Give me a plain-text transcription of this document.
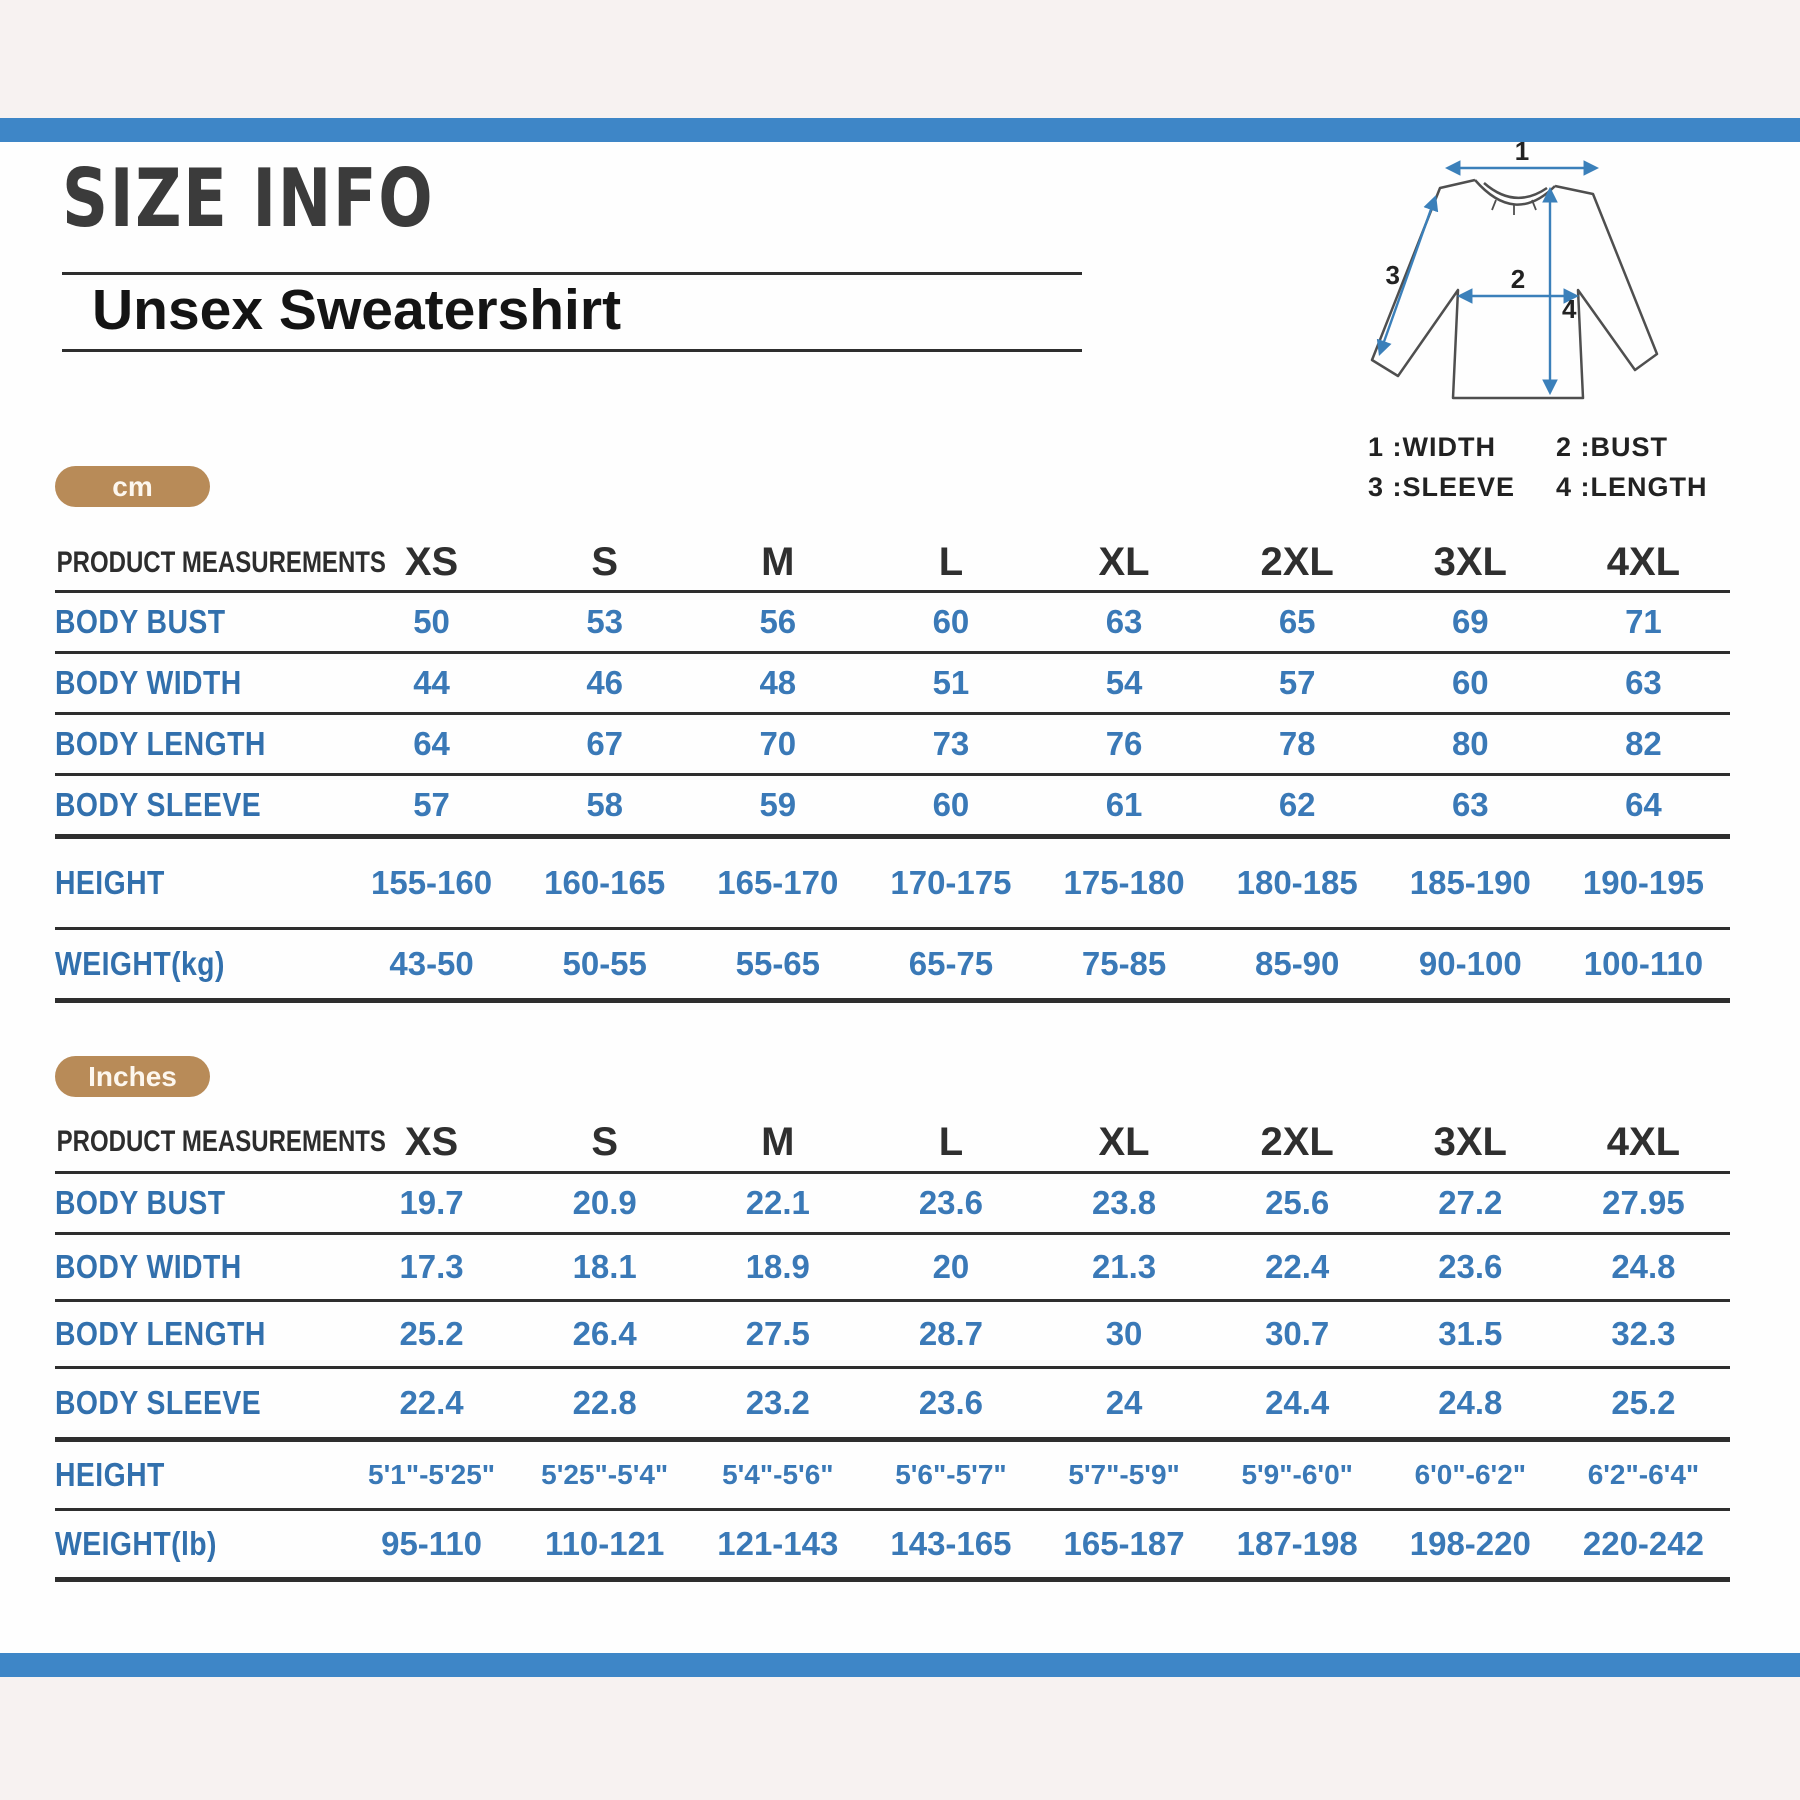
SIZE INFO
Unsex Sweatershirt
1
2
3
4
1 :WIDTH	2 :BUST
3 :SLEEVE	4 :LENGTH
cm
PRODUCT MEASUREMENTS XS	S	M	L	XL	2XL	3XL	4XL
BODY BUST	50	53	56	60	63	65	69	71
BODY WIDTH	44	46	48	51	54	57	60	63
BODY LENGTH	64	67	70	73	76	78	80	82
BODY SLEEVE	57	58	59	60	61	62	63	64
HEIGHT	155-160	160-165	165-170	170-175	175-180	180-185	185-190	190-195
WEIGHT(kg)	43-50	50-55	55-65	65-75	75-85	85-90	90-100	100-110
Inches
PRODUCT MEASUREMENTS XS	S	M	L	XL	2XL	3XL	4XL
BODY BUST	19.7	20.9	22.1	23.6	23.8	25.6	27.2	27.95
BODY WIDTH	17.3	18.1	18.9	20	21.3	22.4	23.6	24.8
BODY LENGTH	25.2	26.4	27.5	28.7	30	30.7	31.5	32.3
BODY SLEEVE	22.4	22.8	23.2	23.6	24	24.4	24.8	25.2
HEIGHT	5'1"-5'25"	5'25"-5'4"	5'4"-5'6"	5'6"-5'7"	5'7"-5'9"	5'9"-6'0"	6'0"-6'2"	6'2"-6'4"
WEIGHT(lb)	95-110	110-121	121-143	143-165	165-187	187-198	198-220	220-242
